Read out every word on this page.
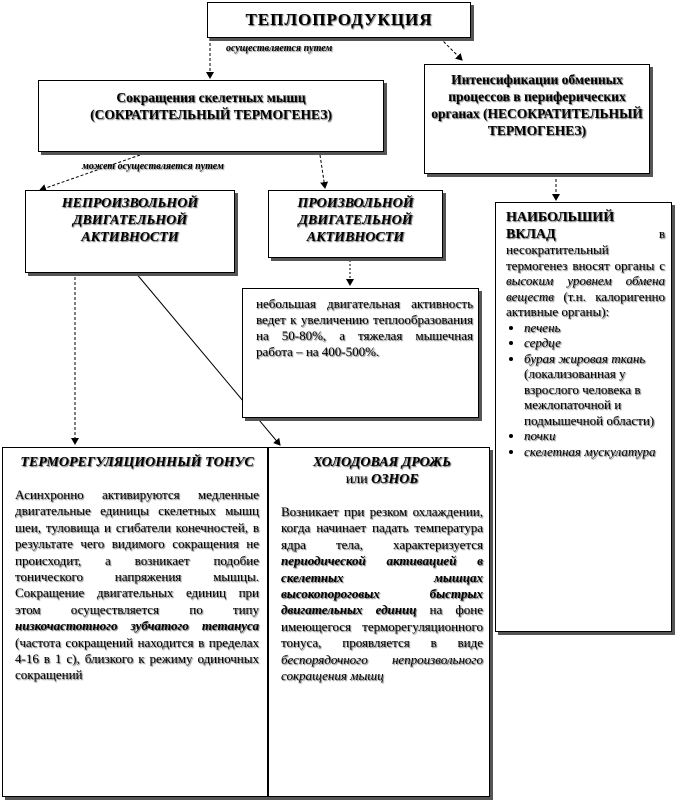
ТЕПЛОПРОДУКЦИЯ
осуществляется путем
Сокращения скелетных мышц (СОКРАТИТЕЛЬНЫЙ ТЕРМОГЕНЕЗ)
Интенсификации обменных процессов в периферических органах (НЕСОКРАТИТЕЛЬНЫЙ ТЕРМОГЕНЕЗ)
может осуществляется путем
НЕПРОИЗВОЛЬНОЙ ДВИГАТЕЛЬНОЙ АКТИВНОСТИ
ПРОИЗВОЛЬНОЙ ДВИГАТЕЛЬНОЙ АКТИВНОСТИ
небольшая двигательная активность ведет к увеличению теплообразования на 50-80%, а тяжелая мышечная работа – на 400-500%.
НАИБОЛЬШИЙ ВКЛАД	в несократительный термогенез вносят органы с высоким уровнем обмена веществ (т.н. калоригенно активные органы):
• печень
• сердце
• бурая жировая ткань (локализованная у взрослого человека в межлопаточной и подмышечной области)
• почки
• скелетная мускулатура
ТЕРМОРЕГУЛЯЦИОННЫЙ ТОНУС
Асинхронно активируются медленные двигательные единицы скелетных мышц шеи, туловища и сгибатели конечностей, в результате чего видимого сокращения не происходит, а возникает подобие тонического напряжения мышцы. Сокращение двигательных единиц при этом осуществляется по типу низкочастотного зубчатого тетануса (частота сокращений находится в пределах 4-16 в 1 с), близкого к режиму одиночных сокращений
ХОЛОДОВАЯ ДРОЖЬ
или ОЗНОБ
Возникает при резком охлаждении, когда начинает падать температура ядра тела, характеризуется периодической активацией в скелетных мышцах высокопороговых быстрых двигательных единиц на фоне имеющегося терморегуляционного тонуса, проявляется в виде беспорядочного непроизвольного сокращения мышц
